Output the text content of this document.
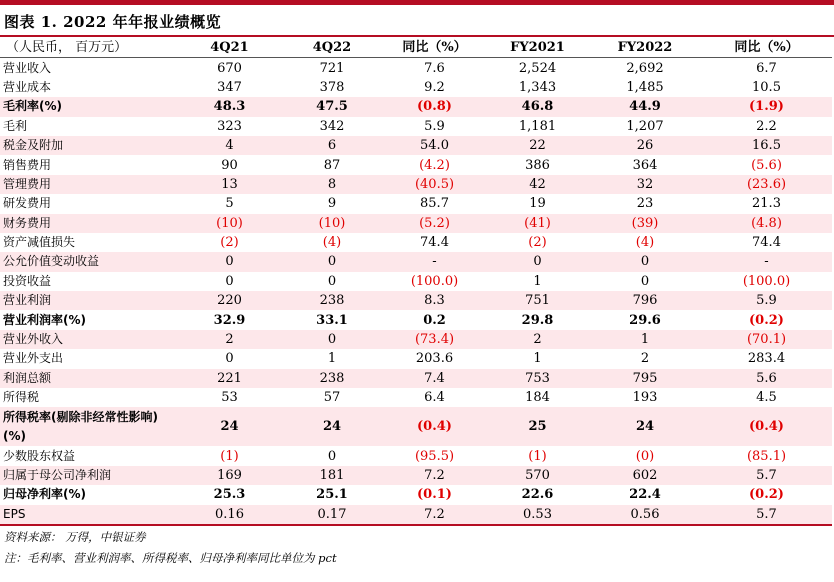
图表 1. 2022 年年报业绩概览
（人民币， 百万元）	4Q21	4Q22	同比（%）	FY2021	FY2022	同比（%）
营业收入	670	721	7.6	2,524	2,692	6.7
营业成本	347	378	9.2	1,343	1,485	10.5
毛利率(%)	48.3	47.5	(0.8)	46.8	44.9	(1.9)
毛利	323	342	5.9	1,181	1,207	2.2
税金及附加	4	6	54.0	22	26	16.5
销售费用	90	87	(4.2)	386	364	(5.6)
管理费用	13	8	(40.5)	42	32	(23.6)
研发费用	5	9	85.7	19	23	21.3
财务费用	(10)	(10)	(5.2)	(41)	(39)	(4.8)
资产减值损失	(2)	(4)	74.4	(2)	(4)	74.4
公允价值变动收益	0	0	-	0	0	-
投资收益	0	0	(100.0)	1	0	(100.0)
营业利润	220	238	8.3	751	796	5.9
营业利润率(%)	32.9	33.1	0.2	29.8	29.6	(0.2)
营业外收入	2	0	(73.4)	2	1	(70.1)
营业外支出	0	1	203.6	1	2	283.4
利润总额	221	238	7.4	753	795	5.6
所得税	53	57	6.4	184	193	4.5
所得税率(剔除非经常性影响)(%)	24	24	(0.4)	25	24	(0.4)
少数股东权益	(1)	0	(95.5)	(1)	(0)	(85.1)
归属于母公司净利润	169	181	7.2	570	602	5.7
归母净利率(%)	25.3	25.1	(0.1)	22.6	22.4	(0.2)
EPS	0.16	0.17	7.2	0.53	0.56	5.7
资料来源： 万得，中银证券
注：毛利率、营业利润率、所得税率、归母净利率同比单位为 pct
